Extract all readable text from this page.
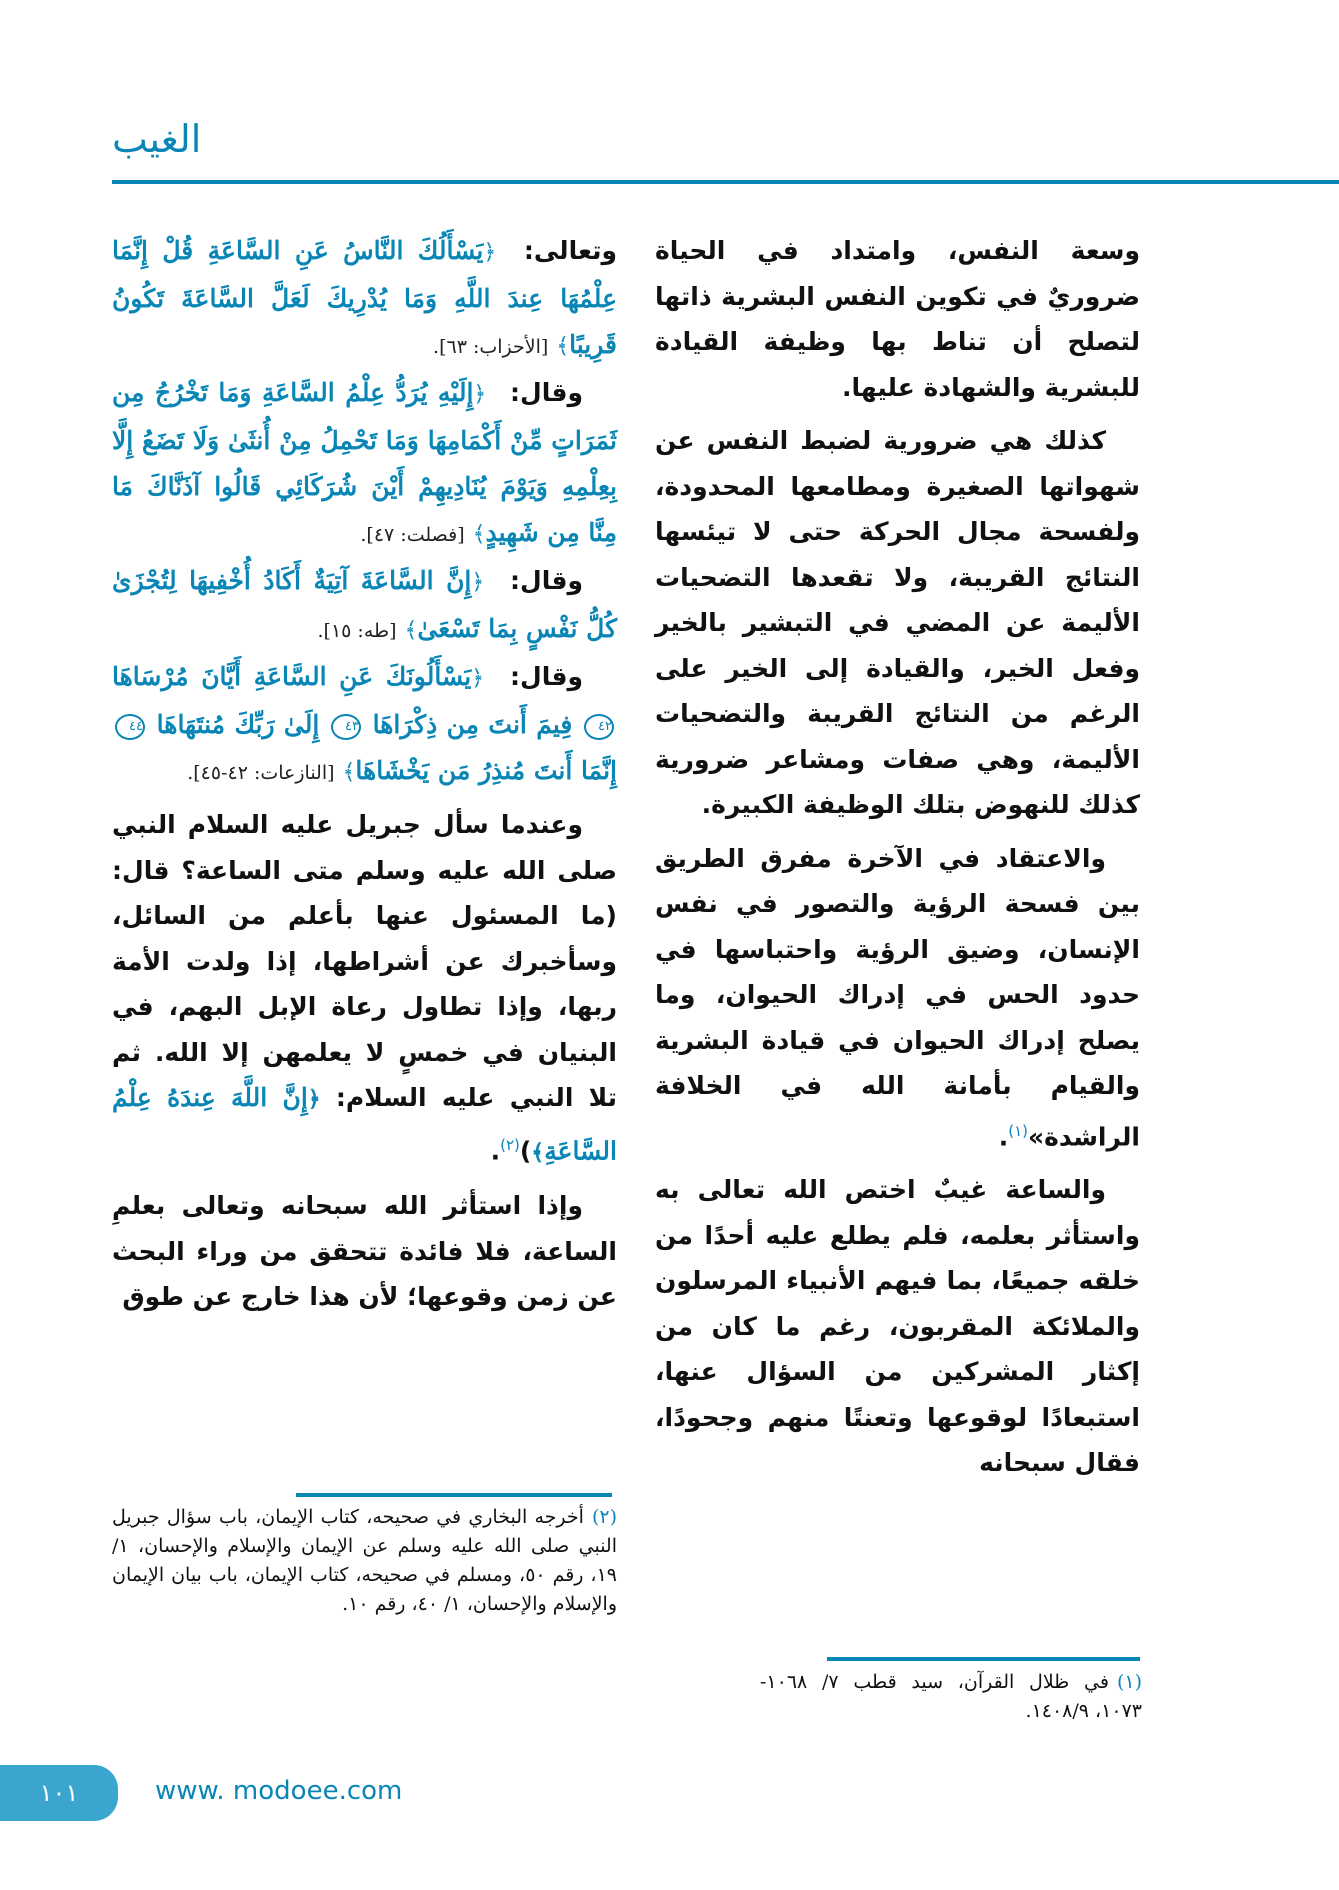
الغيب

وسعة النفس، وامتداد في الحياة ضروريٌ في تكوين النفس البشرية ذاتها لتصلح أن تناط بها وظيفة القيادة للبشرية والشهادة عليها.

كذلك هي ضرورية لضبط النفس عن شهواتها الصغيرة ومطامعها المحدودة، ولفسحة مجال الحركة حتى لا تيئسها النتائج القريبة، ولا تقعدها التضحيات الأليمة عن المضي في التبشير بالخير وفعل الخير، والقيادة إلى الخير على الرغم من النتائج القريبة والتضحيات الأليمة، وهي صفات ومشاعر ضرورية كذلك للنهوض بتلك الوظيفة الكبيرة.

والاعتقاد في الآخرة مفرق الطريق بين فسحة الرؤية والتصور في نفس الإنسان، وضيق الرؤية واحتباسها في حدود الحس في إدراك الحيوان، وما يصلح إدراك الحيوان في قيادة البشرية والقيام بأمانة الله في الخلافة الراشدة»$^{(١)}$.

والساعة غيبٌ اختص الله تعالى به واستأثر بعلمه، فلم يطلع عليه أحدًا من خلقه جميعًا، بما فيهم الأنبياء المرسلون والملائكة المقربون، رغم ما كان من إكثار المشركين من السؤال عنها، استبعادًا لوقوعها وتعنتًا منهم وجحودًا، فقال سبحانه

وتعالى: ﴿يَسْأَلُكَ النَّاسُ عَنِ السَّاعَةِ قُلْ إِنَّمَا عِلْمُهَا عِندَ اللَّهِ وَمَا يُدْرِيكَ لَعَلَّ السَّاعَةَ تَكُونُ قَرِيبًا﴾ [الأحزاب: ٦٣].

وقال: ﴿إِلَيْهِ يُرَدُّ عِلْمُ السَّاعَةِ وَمَا تَخْرُجُ مِن ثَمَرَاتٍ مِّنْ أَكْمَامِهَا وَمَا تَحْمِلُ مِنْ أُنثَىٰ وَلَا تَضَعُ إِلَّا بِعِلْمِهِ وَيَوْمَ يُنَادِيهِمْ أَيْنَ شُرَكَائِي قَالُوا آذَنَّاكَ مَا مِنَّا مِن شَهِيدٍ﴾ [فصلت: ٤٧].

وقال: ﴿إِنَّ السَّاعَةَ آتِيَةٌ أَكَادُ أُخْفِيهَا لِتُجْزَىٰ كُلُّ نَفْسٍ بِمَا تَسْعَىٰ﴾ [طه: ١٥].

وقال: ﴿يَسْأَلُونَكَ عَنِ السَّاعَةِ أَيَّانَ مُرْسَاهَا ٤٢ فِيمَ أَنتَ مِن ذِكْرَاهَا ٤٣ إِلَىٰ رَبِّكَ مُنتَهَاهَا ٤٤ إِنَّمَا أَنتَ مُنذِرُ مَن يَخْشَاهَا﴾ [النازعات: ٤٢-٤٥].

وعندما سأل جبريل عليه السلام النبي صلى الله عليه وسلم متى الساعة؟ قال: (ما المسئول عنها بأعلم من السائل، وسأخبرك عن أشراطها، إذا ولدت الأمة ربها، وإذا تطاول رعاة الإبل البهم، في البنيان في خمسٍ لا يعلمهن إلا الله. ثم تلا النبي عليه السلام: ﴿إِنَّ اللَّهَ عِندَهُ عِلْمُ السَّاعَةِ﴾)$^{(٢)}$.

وإذا استأثر الله سبحانه وتعالى بعلمِ الساعة، فلا فائدة تتحقق من وراء البحث عن زمن وقوعها؛ لأن هذا خارج عن طوق

(١)في ظلال القرآن، سيد قطب ٧/ ١٠٦٨- ١٠٧٣، ١٤٠٨/٩.
(٢)أخرجه البخاري في صحيحه، كتاب الإيمان، باب سؤال جبريل النبي صلى الله عليه وسلم عن الإيمان والإسلام والإحسان، ١/ ١٩، رقم ٥٠، ومسلم في صحيحه، كتاب الإيمان، باب بيان الإيمان والإسلام والإحسان، ١/ ٤٠، رقم ١٠.
١٠١	www. modoee.com
